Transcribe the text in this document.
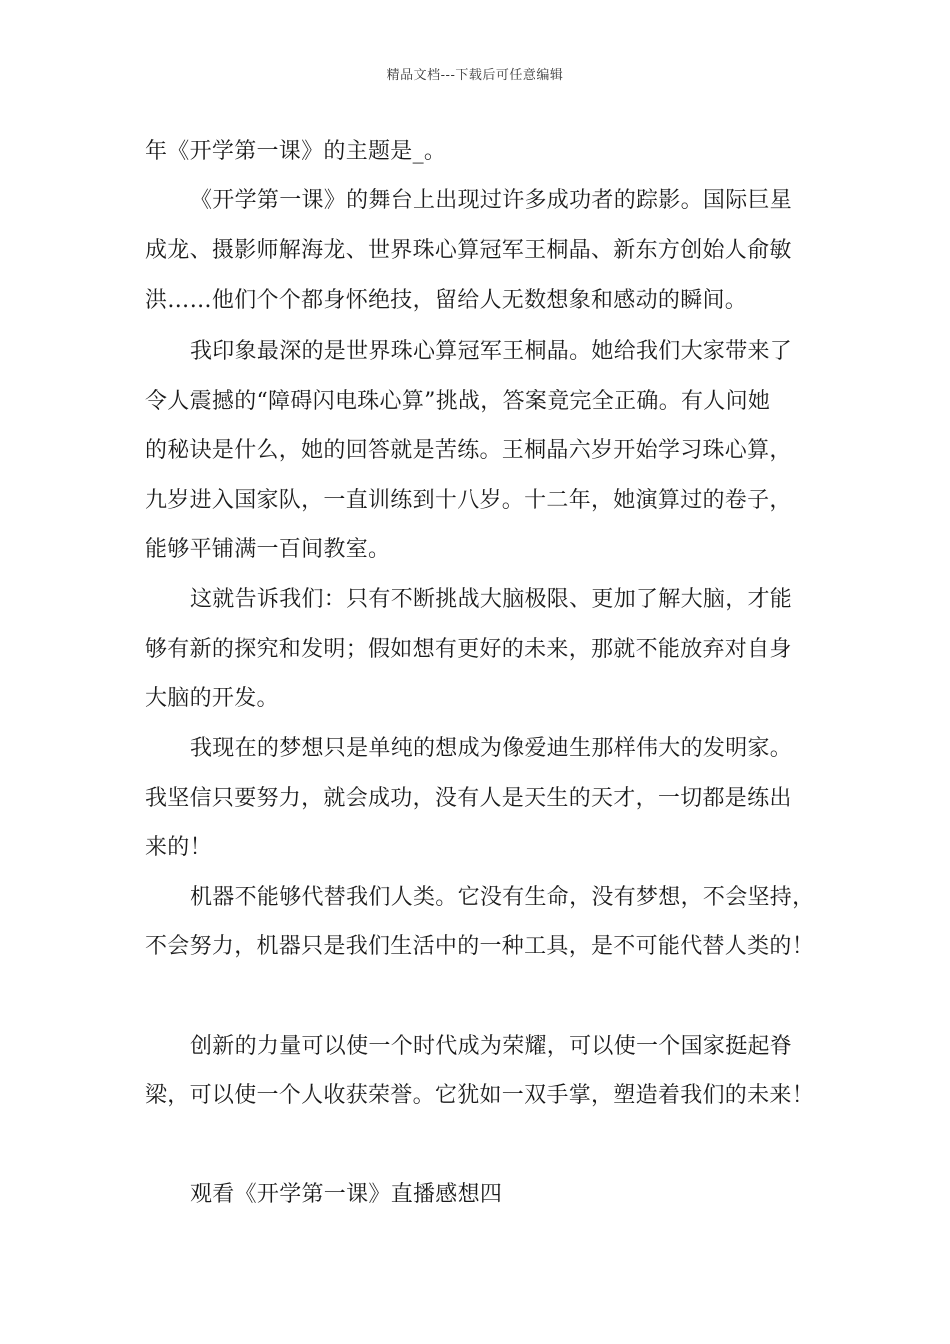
精品文档---下载后可任意编辑
年《开学第一课》的主题是_。
《开学第一课》的舞台上出现过许多成功者的踪影。国际巨星
成龙、摄影师解海龙、世界珠心算冠军王桐晶、新东方创始人俞敏
洪……他们个个都身怀绝技，留给人无数想象和感动的瞬间。
我印象最深的是世界珠心算冠军王桐晶。她给我们大家带来了
令人震撼的“障碍闪电珠心算”挑战，答案竟完全正确。有人问她
的秘诀是什么，她的回答就是苦练。王桐晶六岁开始学习珠心算，
九岁进入国家队，一直训练到十八岁。十二年，她演算过的卷子，
能够平铺满一百间教室。
这就告诉我们：只有不断挑战大脑极限、更加了解大脑，才能
够有新的探究和发明；假如想有更好的未来，那就不能放弃对自身
大脑的开发。
我现在的梦想只是单纯的想成为像爱迪生那样伟大的发明家。
我坚信只要努力，就会成功，没有人是天生的天才，一切都是练出
来的！
机器不能够代替我们人类。它没有生命，没有梦想，不会坚持，
不会努力，机器只是我们生活中的一种工具，是不可能代替人类的！
创新的力量可以使一个时代成为荣耀，可以使一个国家挺起脊
梁，可以使一个人收获荣誉。它犹如一双手掌，塑造着我们的未来！
观看《开学第一课》直播感想四
